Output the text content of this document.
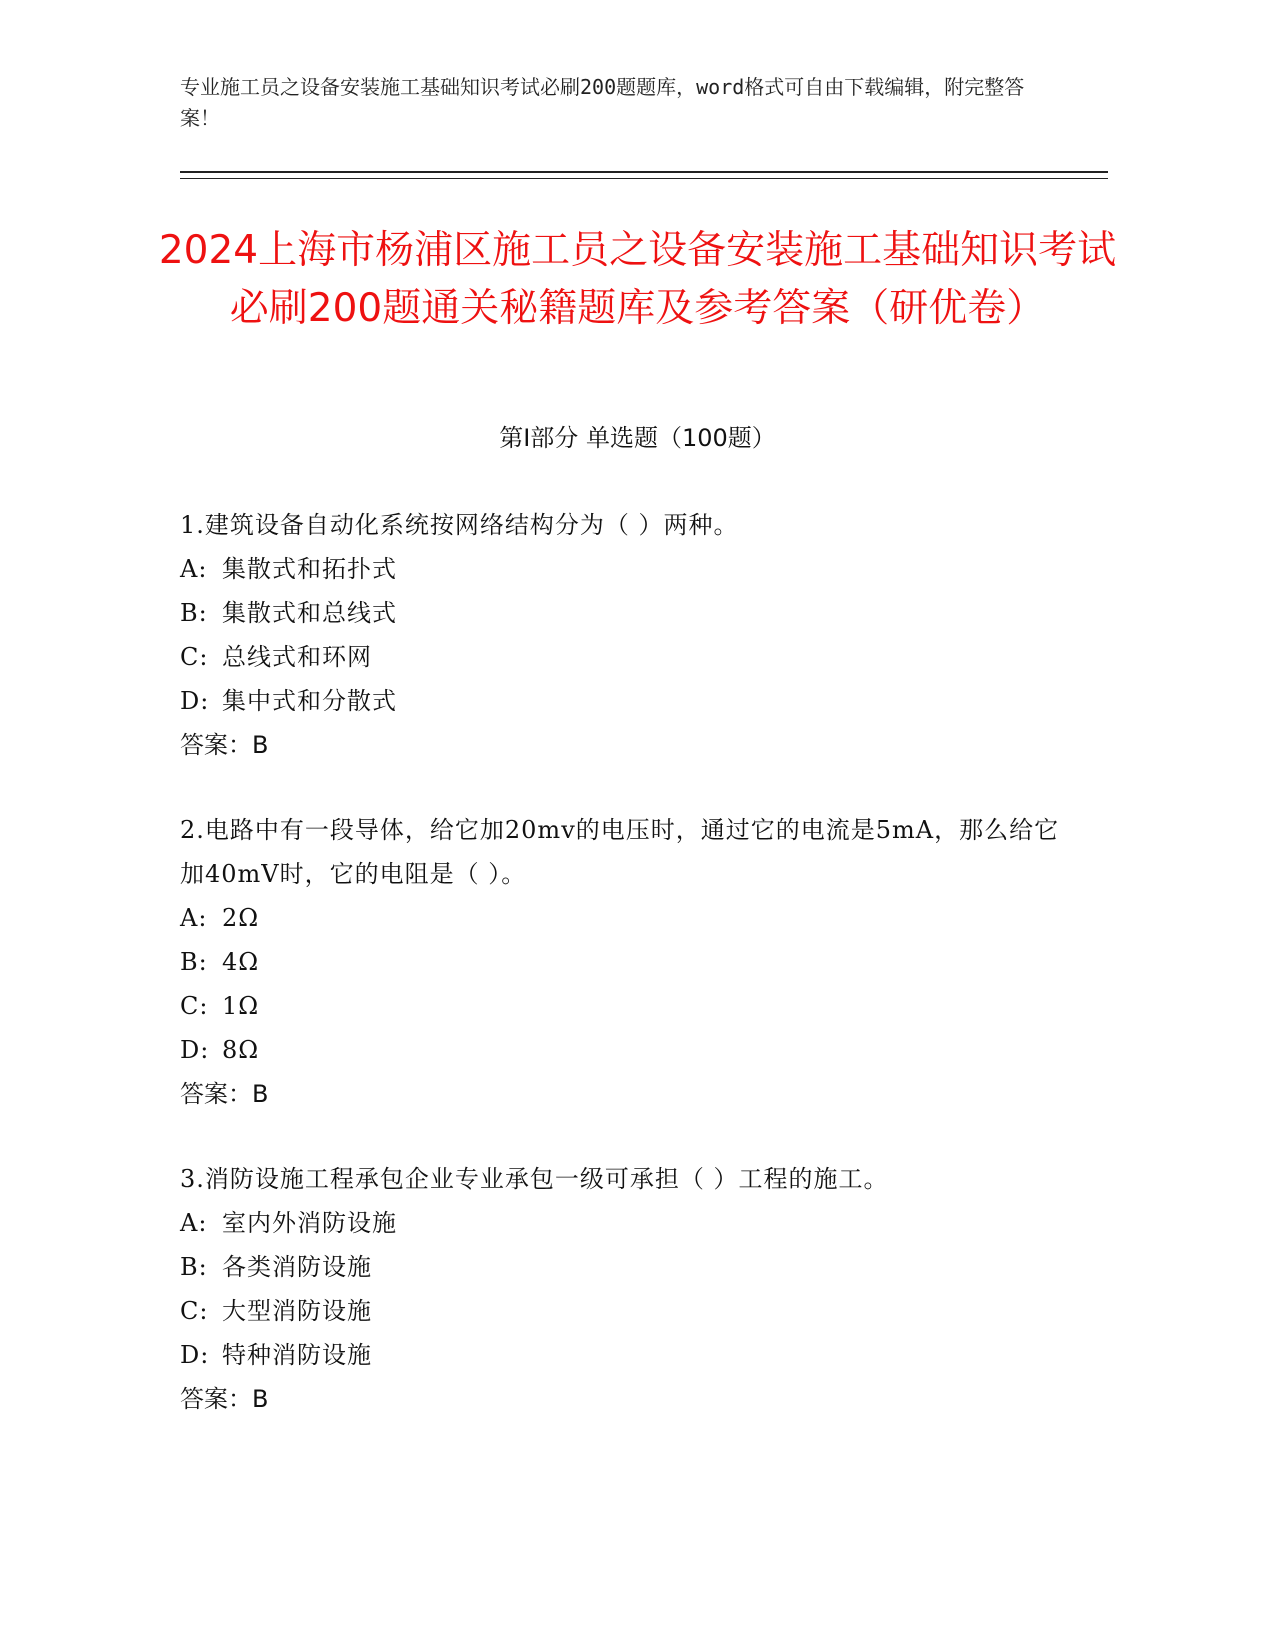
专业施工员之设备安装施工基础知识考试必刷200题题库，word格式可自由下载编辑，附完整答案！
2024上海市杨浦区施工员之设备安装施工基础知识考试必刷200题通关秘籍题库及参考答案（研优卷）
第Ⅰ部分 单选题（100题）
1.建筑设备自动化系统按网络结构分为（ ）两种。
A: 集散式和拓扑式
B: 集散式和总线式
C: 总线式和环网
D: 集中式和分散式
答案：B
2.电路中有一段导体，给它加20mv的电压时，通过它的电流是5mA，那么给它加40mV时，它的电阻是（ ）。
A: 2Ω
B: 4Ω
C: 1Ω
D: 8Ω
答案：B
3.消防设施工程承包企业专业承包一级可承担（ ）工程的施工。
A: 室内外消防设施
B: 各类消防设施
C: 大型消防设施
D: 特种消防设施
答案：B
